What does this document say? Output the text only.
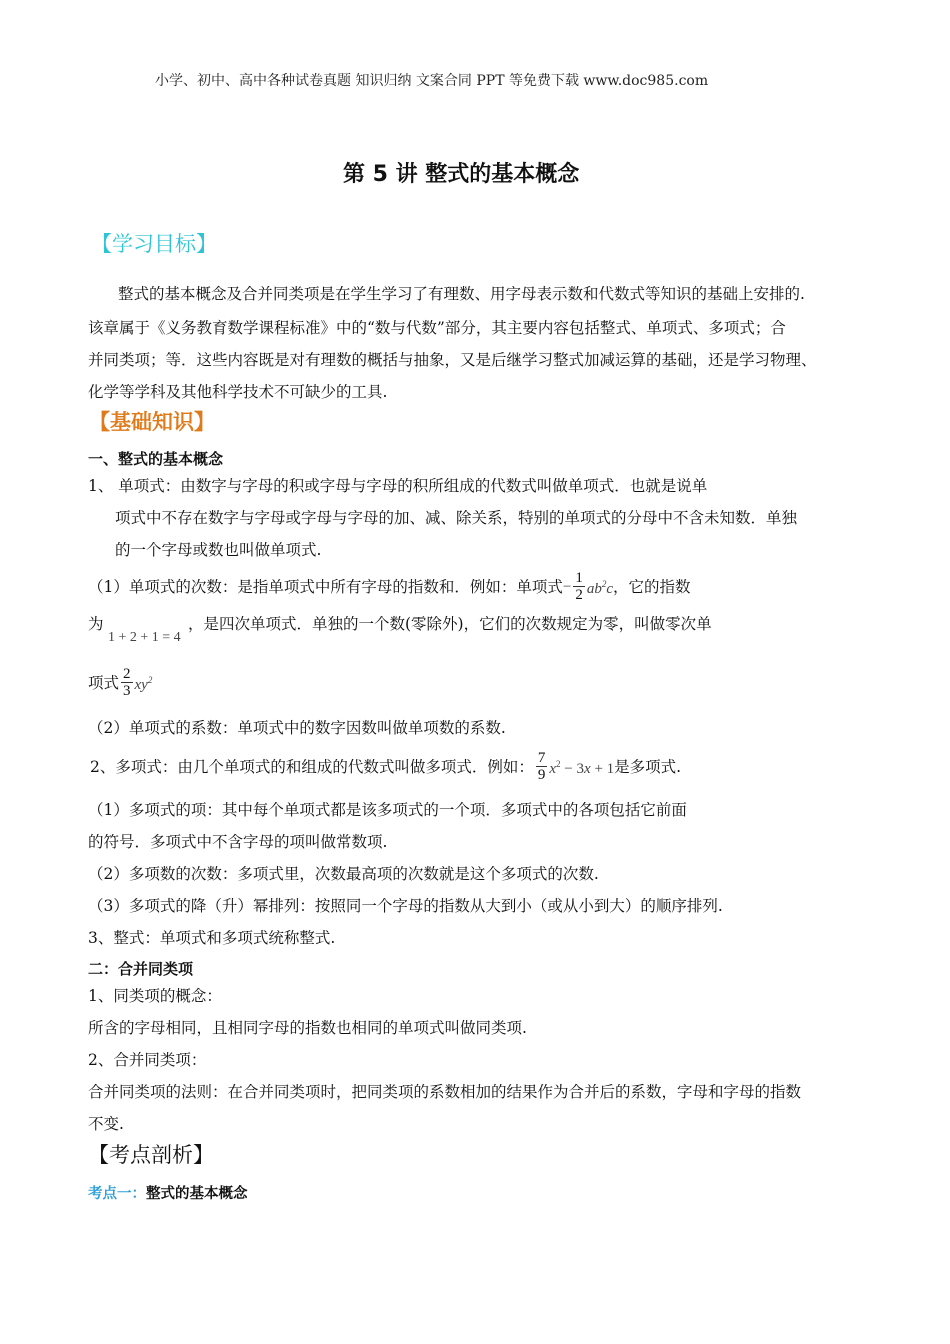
小学、初中、高中各种试卷真题 知识归纳 文案合同 PPT 等免费下载 www.doc985.com
第 5 讲 整式的基本概念
【学习目标】
整式的基本概念及合并同类项是在学生学习了有理数、用字母表示数和代数式等知识的基础上安排的.
该章属于《义务教育数学课程标准》中的“数与代数”部分，其主要内容包括整式、单项式、多项式；合
并同类项；等．这些内容既是对有理数的概括与抽象，又是后继学习整式加减运算的基础，还是学习物理、
化学等学科及其他科学技术不可缺少的工具.
【基础知识】
一、整式的基本概念
1、 单项式：由数字与字母的积或字母与字母的积所组成的代数式叫做单项式．也就是说单
项式中不存在数字与字母或字母与字母的加、减、除关系，特别的单项式的分母中不含未知数．单独
的一个字母或数也叫做单项式.
（1）单项式的次数：是指单项式中所有字母的指数和．例如：单项式 − $\frac{1}{2} ab^2c$ ，它的指数
为
1 + 2 + 1 = 4
，是四次单项式．单独的一个数(零除外)，它们的次数规定为零，叫做零次单
项式 $\frac{2}{3} xy^2$
（2）单项式的系数：单项式中的数字因数叫做单项数的系数.
2、多项式：由几个单项式的和组成的代数式叫做多项式．例如： $\frac{7}{9} x^2 - 3x + 1$ 是多项式.
（1）多项式的项：其中每个单项式都是该多项式的一个项．多项式中的各项包括它前面
的符号．多项式中不含字母的项叫做常数项.
（2）多项数的次数：多项式里，次数最高项的次数就是这个多项式的次数.
（3）多项式的降（升）幂排列：按照同一个字母的指数从大到小（或从小到大）的顺序排列.
3、整式：单项式和多项式统称整式.
二：合并同类项
1、同类项的概念：
所含的字母相同，且相同字母的指数也相同的单项式叫做同类项.
2、合并同类项：
合并同类项的法则：在合并同类项时，把同类项的系数相加的结果作为合并后的系数，字母和字母的指数
不变.
【考点剖析】
考点一：整式的基本概念
